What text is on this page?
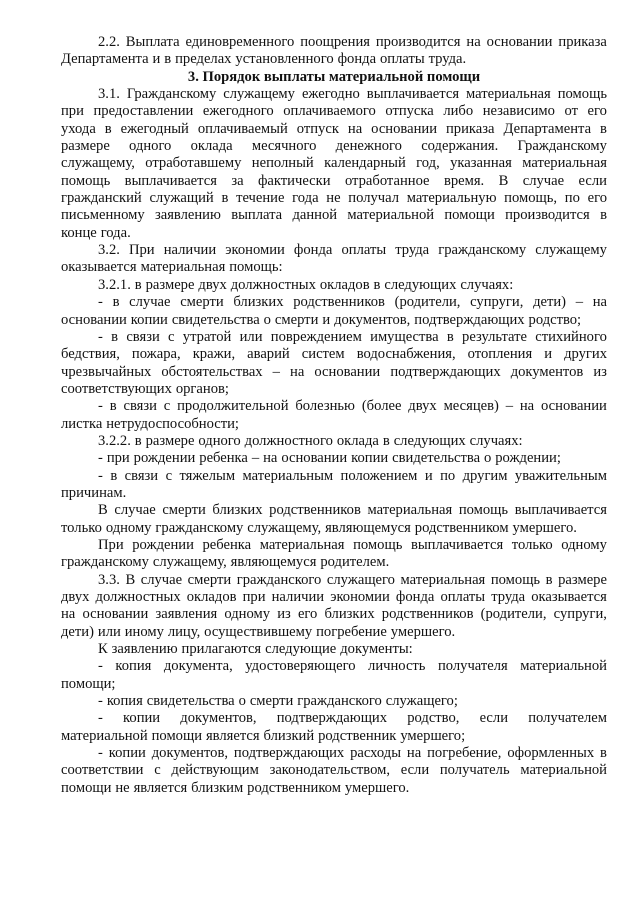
2.2. Выплата единовременного поощрения производится на основании приказа
Департамента и в пределах установленного фонда оплаты труда.
3. Порядок выплаты материальной помощи
3.1. Гражданскому служащему ежегодно выплачивается материальная помощь
при предоставлении ежегодного оплачиваемого отпуска либо независимо от его
ухода в ежегодный оплачиваемый отпуск на основании приказа Департамента в
размере одного оклада месячного денежного содержания. Гражданскому
служащему, отработавшему неполный календарный год, указанная материальная
помощь выплачивается за фактически отработанное время. В случае если
гражданский служащий в течение года не получал материальную помощь, по его
письменному заявлению выплата данной материальной помощи производится в
конце года.
3.2. При наличии экономии фонда оплаты труда гражданскому служащему
оказывается материальная помощь:
3.2.1. в размере двух должностных окладов в следующих случаях:
- в случае смерти близких родственников (родители, супруги, дети) – на
основании копии свидетельства о смерти и документов, подтверждающих родство;
- в связи с утратой или повреждением имущества в результате стихийного
бедствия, пожара, кражи, аварий систем водоснабжения, отопления и других
чрезвычайных обстоятельствах – на основании подтверждающих документов из
соответствующих органов;
- в связи с продолжительной болезнью (более двух месяцев) – на основании
листка нетрудоспособности;
3.2.2. в размере одного должностного оклада в следующих случаях:
- при рождении ребенка – на основании копии свидетельства о рождении;
- в связи с тяжелым материальным положением и по другим уважительным
причинам.
В случае смерти близких родственников материальная помощь выплачивается
только одному гражданскому служащему, являющемуся родственником умершего.
При рождении ребенка материальная помощь выплачивается только одному
гражданскому служащему, являющемуся родителем.
3.3. В случае смерти гражданского служащего материальная помощь в размере
двух должностных окладов при наличии экономии фонда оплаты труда оказывается
на основании заявления одному из его близких родственников (родители, супруги,
дети) или иному лицу, осуществившему погребение умершего.
К заявлению прилагаются следующие документы:
- копия документа, удостоверяющего личность получателя материальной
помощи;
- копия свидетельства о смерти гражданского служащего;
- копии документов, подтверждающих родство, если получателем
материальной помощи является близкий родственник умершего;
- копии документов, подтверждающих расходы на погребение, оформленных в
соответствии с действующим законодательством, если получатель материальной
помощи не является близким родственником умершего.
